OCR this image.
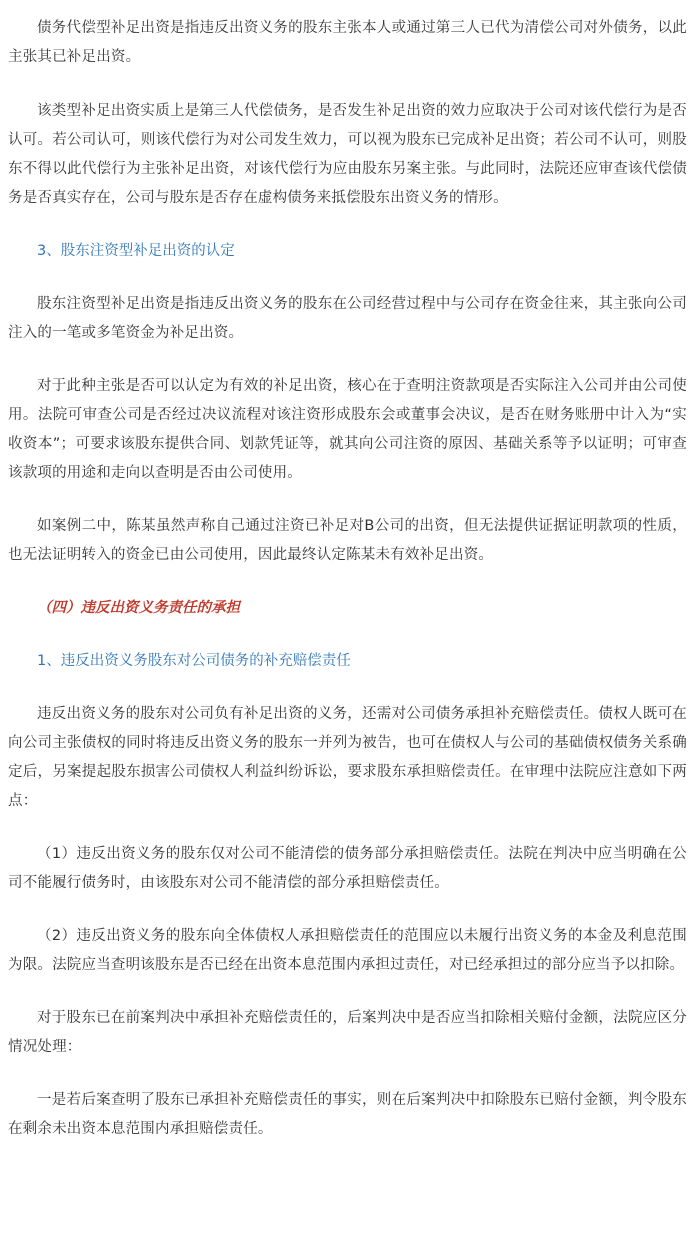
债务代偿型补足出资是指违反出资义务的股东主张本人或通过第三人已代为清偿公司对外债务，以此主张其已补足出资。

该类型补足出资实质上是第三人代偿债务，是否发生补足出资的效力应取决于公司对该代偿行为是否认可。若公司认可，则该代偿行为对公司发生效力，可以视为股东已完成补足出资；若公司不认可，则股东不得以此代偿行为主张补足出资，对该代偿行为应由股东另案主张。与此同时，法院还应审查该代偿债务是否真实存在，公司与股东是否存在虚构债务来抵偿股东出资义务的情形。

3、股东注资型补足出资的认定

股东注资型补足出资是指违反出资义务的股东在公司经营过程中与公司存在资金往来，其主张向公司注入的一笔或多笔资金为补足出资。

对于此种主张是否可以认定为有效的补足出资，核心在于查明注资款项是否实际注入公司并由公司使用。法院可审查公司是否经过决议流程对该注资形成股东会或董事会决议，是否在财务账册中计入为“实收资本”；可要求该股东提供合同、划款凭证等，就其向公司注资的原因、基础关系等予以证明；可审查该款项的用途和走向以查明是否由公司使用。

如案例二中，陈某虽然声称自己通过注资已补足对B公司的出资，但无法提供证据证明款项的性质，也无法证明转入的资金已由公司使用，因此最终认定陈某未有效补足出资。

（四）违反出资义务责任的承担

1、违反出资义务股东对公司债务的补充赔偿责任

违反出资义务的股东对公司负有补足出资的义务，还需对公司债务承担补充赔偿责任。债权人既可在向公司主张债权的同时将违反出资义务的股东一并列为被告，也可在债权人与公司的基础债权债务关系确定后，另案提起股东损害公司债权人利益纠纷诉讼，要求股东承担赔偿责任。在审理中法院应注意如下两点：

（1）违反出资义务的股东仅对公司不能清偿的债务部分承担赔偿责任。法院在判决中应当明确在公司不能履行债务时，由该股东对公司不能清偿的部分承担赔偿责任。

（2）违反出资义务的股东向全体债权人承担赔偿责任的范围应以未履行出资义务的本金及利息范围为限。法院应当查明该股东是否已经在出资本息范围内承担过责任，对已经承担过的部分应当予以扣除。

对于股东已在前案判决中承担补充赔偿责任的，后案判决中是否应当扣除相关赔付金额，法院应区分情况处理：

一是若后案查明了股东已承担补充赔偿责任的事实，则在后案判决中扣除股东已赔付金额，判令股东在剩余未出资本息范围内承担赔偿责任。
